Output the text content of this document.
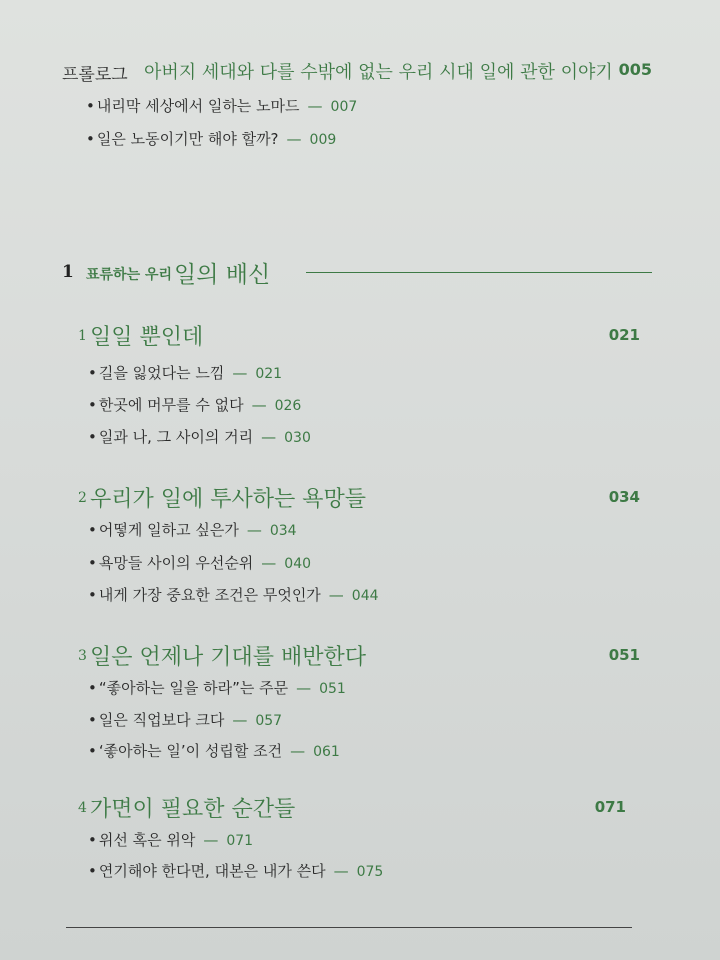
프롤로그 아버지 세대와 다를 수밖에 없는 우리 시대 일에 관한 이야기 005
• 내리막 세상에서 일하는 노마드 — 007
• 일은 노동이기만 해야 할까? — 009
1 표류하는 우리 일의 배신
1 일일 뿐인데	021
• 길을 잃었다는 느낌 — 021
• 한곳에 머무를 수 없다 — 026
• 일과 나, 그 사이의 거리 — 030
2 우리가 일에 투사하는 욕망들	034
• 어떻게 일하고 싶은가 — 034
• 욕망들 사이의 우선순위 — 040
• 내게 가장 중요한 조건은 무엇인가 — 044
3 일은 언제나 기대를 배반한다	051
• “좋아하는 일을 하라”는 주문 — 051
• 일은 직업보다 크다 — 057
• ‘좋아하는 일’이 성립할 조건 — 061
4 가면이 필요한 순간들	071
• 위선 혹은 위악 — 071
• 연기해야 한다면, 대본은 내가 쓴다 — 075
